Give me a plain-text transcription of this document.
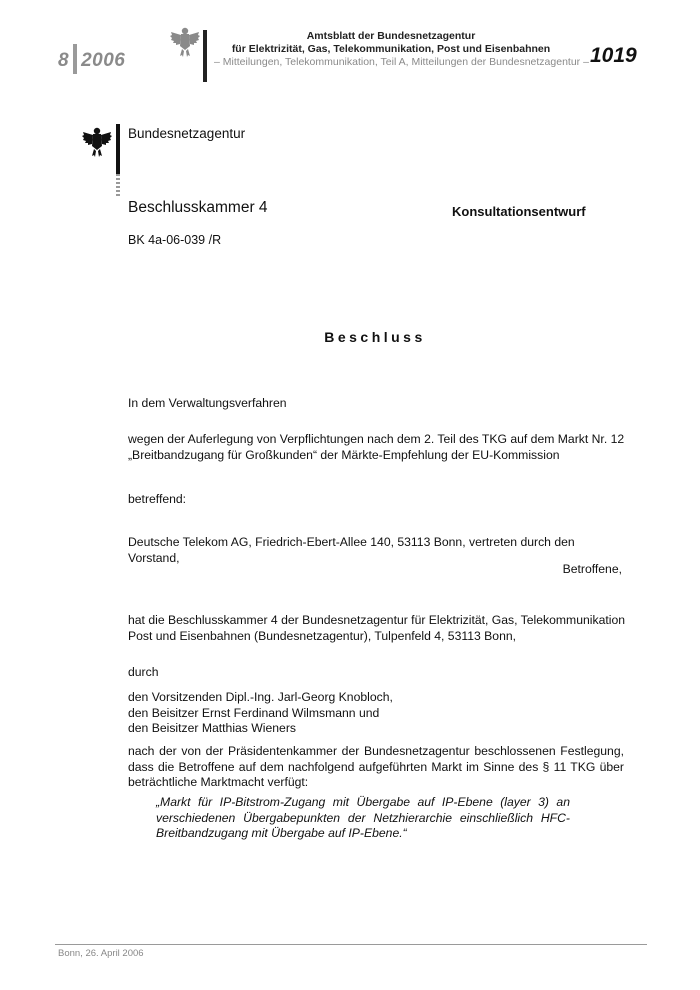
8 2006
Amtsblatt der Bundesnetzagentur
für Elektrizität, Gas, Telekommunikation, Post und Eisenbahnen
– Mitteilungen, Telekommunikation, Teil A, Mitteilungen der Bundesnetzagentur – 1019
Bundesnetzagentur
Beschlusskammer 4	Konsultationsentwurf
BK 4a-06-039 /R
Beschluss
In dem Verwaltungsverfahren
wegen der Auferlegung von Verpflichtungen nach dem 2. Teil des TKG auf dem Markt Nr. 12
„Breitbandzugang für Großkunden“ der Märkte-Empfehlung der EU-Kommission
betreffend:
Deutsche Telekom AG, Friedrich-Ebert-Allee 140, 53113 Bonn, vertreten durch den Vorstand,
Betroffene,
hat die Beschlusskammer 4 der Bundesnetzagentur für Elektrizität, Gas, Telekommunikation
Post und Eisenbahnen (Bundesnetzagentur), Tulpenfeld 4, 53113 Bonn,
durch
den Vorsitzenden Dipl.-Ing. Jarl-Georg Knobloch,
den Beisitzer Ernst Ferdinand Wilmsmann und
den Beisitzer Matthias Wieners
nach der von der Präsidentenkammer der Bundesnetzagentur beschlossenen Festlegung, dass die Betroffene auf dem nachfolgend aufgeführten Markt im Sinne des § 11 TKG über beträchtliche Marktmacht verfügt:
„Markt für IP-Bitstrom-Zugang mit Übergabe auf IP-Ebene (layer 3) an verschiedenen Übergabepunkten der Netzhierarchie einschließlich HFC-Breitbandzugang mit Übergabe auf IP-Ebene.“
Bonn, 26. April 2006
